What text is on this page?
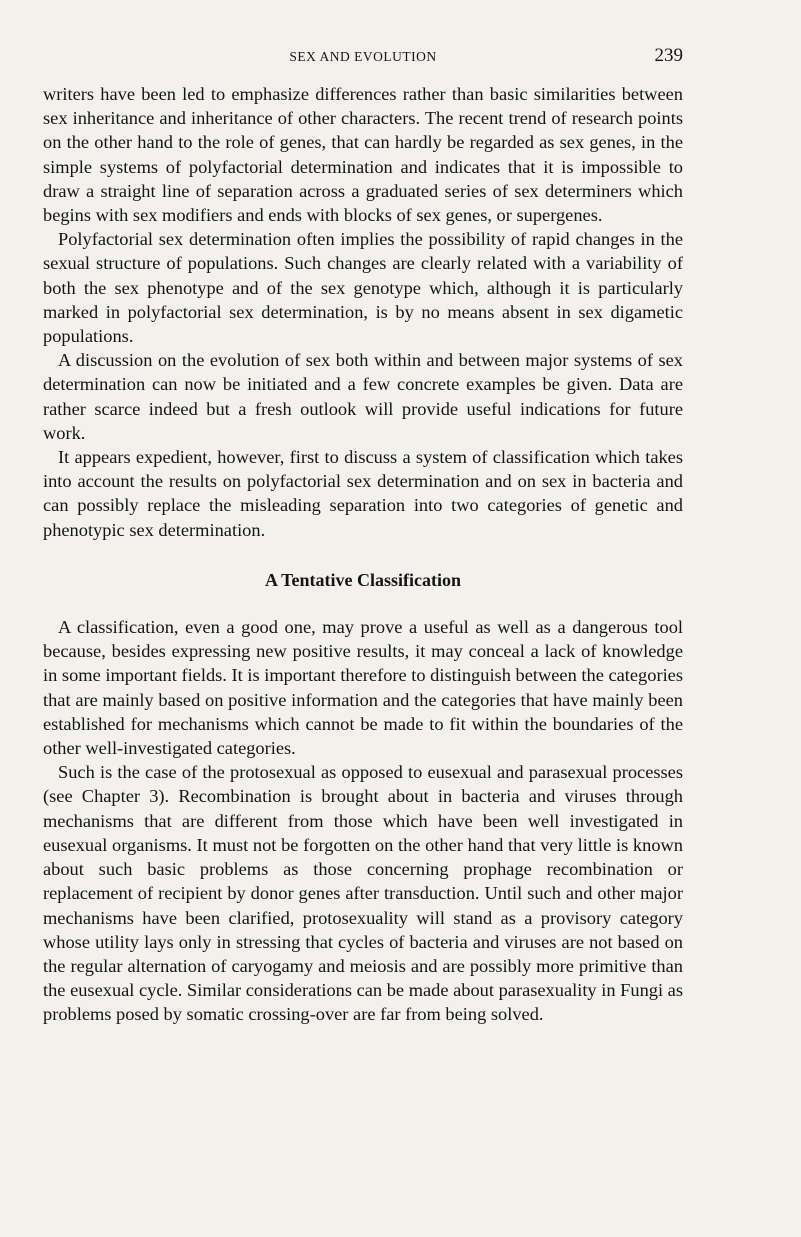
SEX AND EVOLUTION	239

writers have been led to emphasize differences rather than basic similarities between sex inheritance and inheritance of other characters. The recent trend of research points on the other hand to the role of genes, that can hardly be regarded as sex genes, in the simple systems of polyfactorial determination and indicates that it is impossible to draw a straight line of separation across a graduated series of sex determiners which begins with sex modifiers and ends with blocks of sex genes, or supergenes.

Polyfactorial sex determination often implies the possibility of rapid changes in the sexual structure of populations. Such changes are clearly related with a variability of both the sex phenotype and of the sex genotype which, although it is particularly marked in polyfactorial sex determination, is by no means absent in sex digametic populations.

A discussion on the evolution of sex both within and between major systems of sex determination can now be initiated and a few concrete examples be given. Data are rather scarce indeed but a fresh outlook will provide useful indications for future work.

It appears expedient, however, first to discuss a system of classification which takes into account the results on polyfactorial sex determination and on sex in bacteria and can possibly replace the misleading separation into two categories of genetic and phenotypic sex determination.

A Tentative Classification

A classification, even a good one, may prove a useful as well as a dangerous tool because, besides expressing new positive results, it may conceal a lack of knowledge in some important fields. It is important therefore to distinguish between the categories that are mainly based on positive information and the categories that have mainly been established for mechanisms which cannot be made to fit within the boundaries of the other well-investigated categories.

Such is the case of the protosexual as opposed to eusexual and parasexual processes (see Chapter 3). Recombination is brought about in bacteria and viruses through mechanisms that are different from those which have been well investigated in eusexual organisms. It must not be forgotten on the other hand that very little is known about such basic problems as those concerning prophage recombination or replacement of recipient by donor genes after transduction. Until such and other major mechanisms have been clarified, protosexuality will stand as a provisory category whose utility lays only in stressing that cycles of bacteria and viruses are not based on the regular alternation of caryogamy and meiosis and are possibly more primitive than the eusexual cycle. Similar considerations can be made about parasexuality in Fungi as problems posed by somatic crossing-over are far from being solved.
